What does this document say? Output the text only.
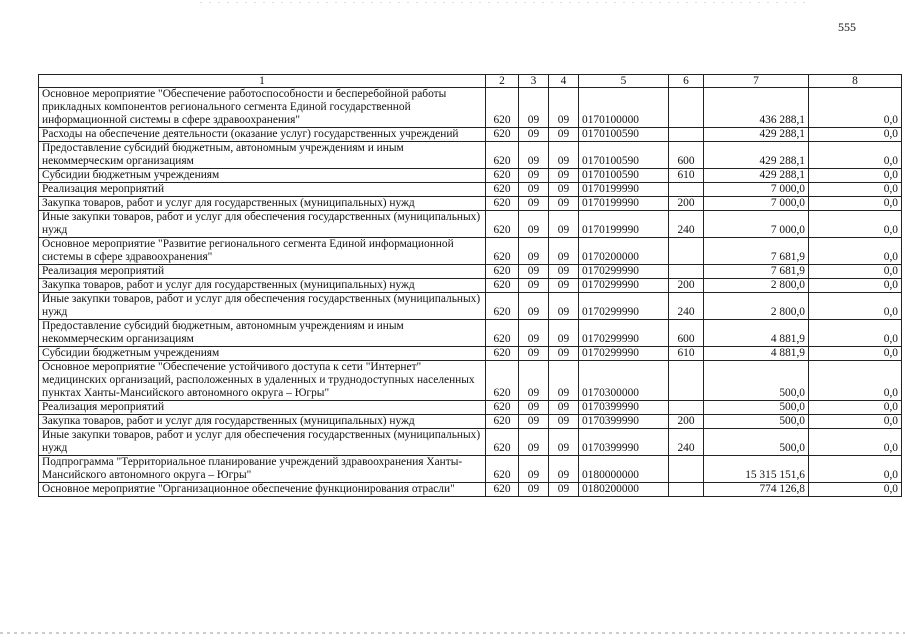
555
1	2	3	4	5	6	7	8
Основное мероприятие "Обеспечение работоспособности и бесперебойной работы прикладных компонентов регионального сегмента Единой государственной информационной системы в сфере здравоохранения"	620	09	09	0170100000		436 288,1	0,0
Расходы на обеспечение деятельности (оказание услуг) государственных учреждений	620	09	09	0170100590		429 288,1	0,0
Предоставление субсидий бюджетным, автономным учреждениям и иным некоммерческим организациям	620	09	09	0170100590	600	429 288,1	0,0
Субсидии бюджетным учреждениям	620	09	09	0170100590	610	429 288,1	0,0
Реализация мероприятий	620	09	09	0170199990		7 000,0	0,0
Закупка товаров, работ и услуг для государственных (муниципальных) нужд	620	09	09	0170199990	200	7 000,0	0,0
Иные закупки товаров, работ и услуг для обеспечения государственных (муниципальных) нужд	620	09	09	0170199990	240	7 000,0	0,0
Основное мероприятие "Развитие регионального сегмента Единой информационной системы в сфере здравоохранения"	620	09	09	0170200000		7 681,9	0,0
Реализация мероприятий	620	09	09	0170299990		7 681,9	0,0
Закупка товаров, работ и услуг для государственных (муниципальных) нужд	620	09	09	0170299990	200	2 800,0	0,0
Иные закупки товаров, работ и услуг для обеспечения государственных (муниципальных) нужд	620	09	09	0170299990	240	2 800,0	0,0
Предоставление субсидий бюджетным, автономным учреждениям и иным некоммерческим организациям	620	09	09	0170299990	600	4 881,9	0,0
Субсидии бюджетным учреждениям	620	09	09	0170299990	610	4 881,9	0,0
Основное мероприятие "Обеспечение устойчивого доступа к сети "Интернет" медицинских организаций, расположенных в удаленных и труднодоступных населенных пунктах Ханты-Мансийского автономного округа – Югры"	620	09	09	0170300000		500,0	0,0
Реализация мероприятий	620	09	09	0170399990		500,0	0,0
Закупка товаров, работ и услуг для государственных (муниципальных) нужд	620	09	09	0170399990	200	500,0	0,0
Иные закупки товаров, работ и услуг для обеспечения государственных (муниципальных) нужд	620	09	09	0170399990	240	500,0	0,0
Подпрограмма "Территориальное планирование учреждений здравоохранения Ханты-Мансийского автономного округа – Югры"	620	09	09	0180000000		15 315 151,6	0,0
Основное мероприятие "Организационное обеспечение функционирования отрасли"	620	09	09	0180200000		774 126,8	0,0
